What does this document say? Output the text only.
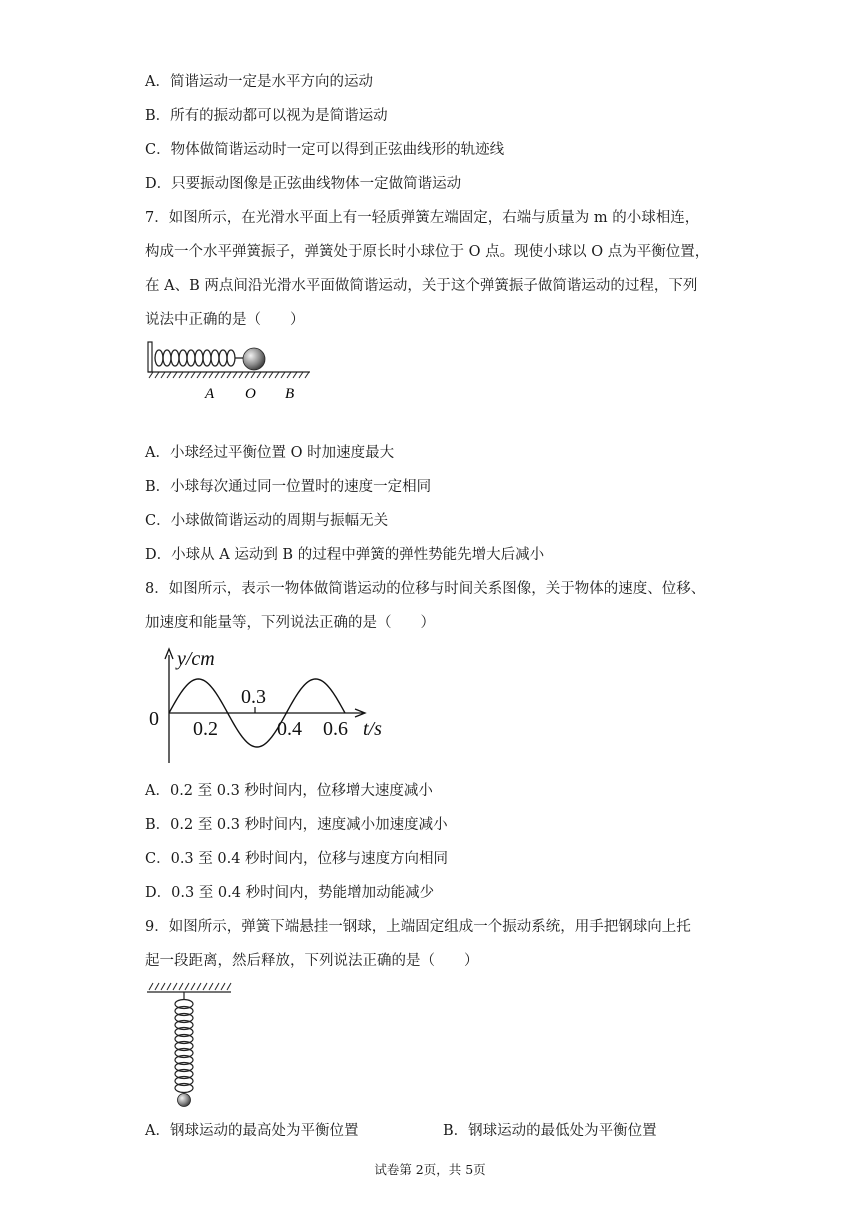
A．简谐运动一定是水平方向的运动
B．所有的振动都可以视为是简谐运动
C．物体做简谐运动时一定可以得到正弦曲线形的轨迹线
D．只要振动图像是正弦曲线物体一定做简谐运动
7．如图所示，在光滑水平面上有一轻质弹簧左端固定，右端与质量为 m 的小球相连，
构成一个水平弹簧振子，弹簧处于原长时小球位于 O 点。现使小球以 O 点为平衡位置，
在 A、B 两点间沿光滑水平面做简谐运动，关于这个弹簧振子做简谐运动的过程，下列
说法中正确的是（　　）
A O B
A．小球经过平衡位置 O 时加速度最大
B．小球每次通过同一位置时的速度一定相同
C．小球做简谐运动的周期与振幅无关
D．小球从 A 运动到 B 的过程中弹簧的弹性势能先增大后减小
8．如图所示，表示一物体做简谐运动的位移与时间关系图像，关于物体的速度、位移、
加速度和能量等，下列说法正确的是（　　）
y/cm
0 0.2
0.3
0.4 0.6 t/s
A．0.2 至 0.3 秒时间内，位移增大速度减小
B．0.2 至 0.3 秒时间内，速度减小加速度减小
C．0.3 至 0.4 秒时间内，位移与速度方向相同
D．0.3 至 0.4 秒时间内，势能增加动能减少
9．如图所示，弹簧下端悬挂一钢球，上端固定组成一个振动系统，用手把钢球向上托
起一段距离，然后释放，下列说法正确的是（　　）
A．钢球运动的最高处为平衡位置	B．钢球运动的最低处为平衡位置
试卷第 2页，共 5页
